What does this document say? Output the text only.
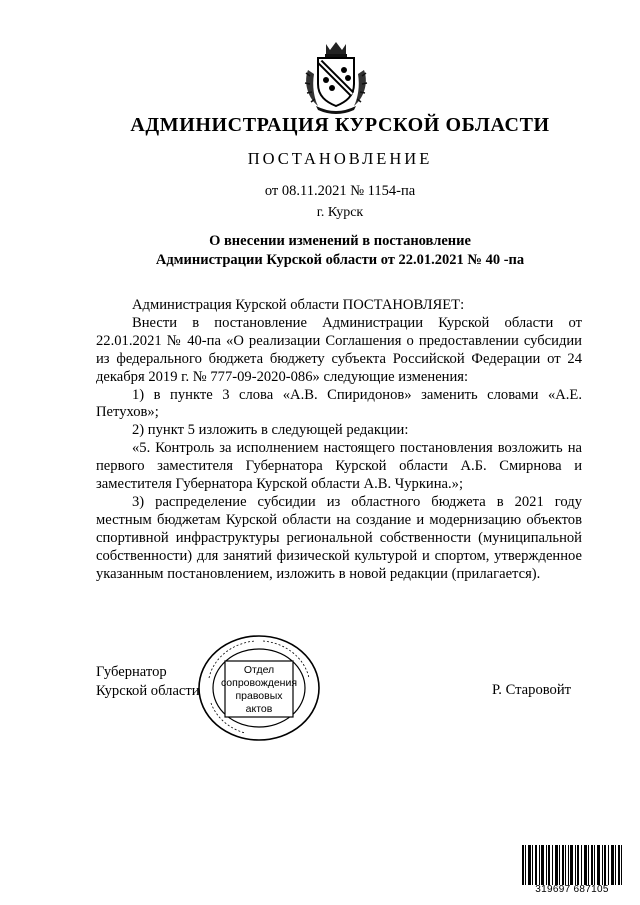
АДМИНИСТРАЦИЯ КУРСКОЙ ОБЛАСТИ
ПОСТАНОВЛЕНИЕ
от 08.11.2021 № 1154-па
г. Курск
О внесении изменений в постановление
Администрации Курской области от 22.01.2021 № 40 -па

Администрация Курской области ПОСТАНОВЛЯЕТ:

Внести в постановление Администрации Курской области от 22.01.2021 № 40-па «О реализации Соглашения о предоставлении субсидии из федерального бюджета бюджету субъекта Российской Федерации от 24 декабря 2019 г. № 777-09-2020-086» следующие изменения:

1) в пункте 3 слова «А.В. Спиридонов» заменить словами «А.Е. Петухов»;

2) пункт 5 изложить в следующей редакции:

«5. Контроль за исполнением настоящего постановления возложить на первого заместителя Губернатора Курской области А.Б. Смирнова и заместителя Губернатора Курской области А.В. Чуркина.»;

3) распределение субсидии из областного бюджета в 2021 году местным бюджетам Курской области на создание и модернизацию объектов спортивной инфраструктуры региональной собственности (муниципальной собственности) для занятий физической культурой и спортом, утвержденное указанным постановлением, изложить в новой редакции (прилагается).

Губернатор
Курской области	Р. Старовойт
Отдел
сопровождения
правовых
актов
319697 687105
